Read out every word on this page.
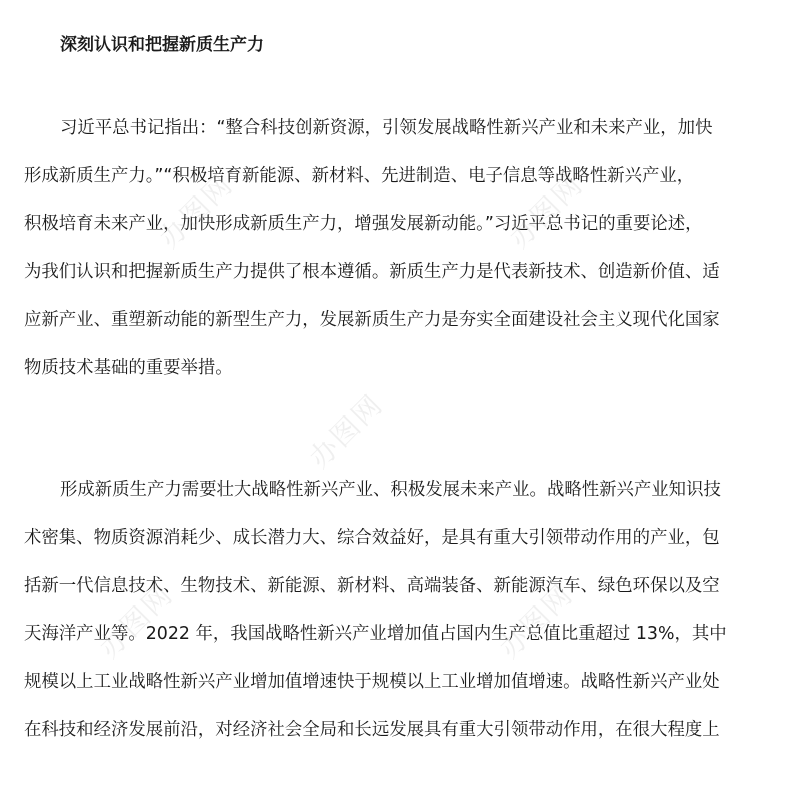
深刻认识和把握新质生产力
习近平总书记指出：“整合科技创新资源，引领发展战略性新兴产业和未来产业，加快
形成新质生产力。”“积极培育新能源、新材料、先进制造、电子信息等战略性新兴产业，
积极培育未来产业，加快形成新质生产力，增强发展新动能。”习近平总书记的重要论述，
为我们认识和把握新质生产力提供了根本遵循。新质生产力是代表新技术、创造新价值、适
应新产业、重塑新动能的新型生产力，发展新质生产力是夯实全面建设社会主义现代化国家
物质技术基础的重要举措。
形成新质生产力需要壮大战略性新兴产业、积极发展未来产业。战略性新兴产业知识技
术密集、物质资源消耗少、成长潜力大、综合效益好，是具有重大引领带动作用的产业，包
括新一代信息技术、生物技术、新能源、新材料、高端装备、新能源汽车、绿色环保以及空
天海洋产业等。2022 年，我国战略性新兴产业增加值占国内生产总值比重超过 13%，其中
规模以上工业战略性新兴产业增加值增速快于规模以上工业增加值增速。战略性新兴产业处
在科技和经济发展前沿，对经济社会全局和长远发展具有重大引领带动作用，在很大程度上
办图网	办图网
办图网
办图网	办图网
